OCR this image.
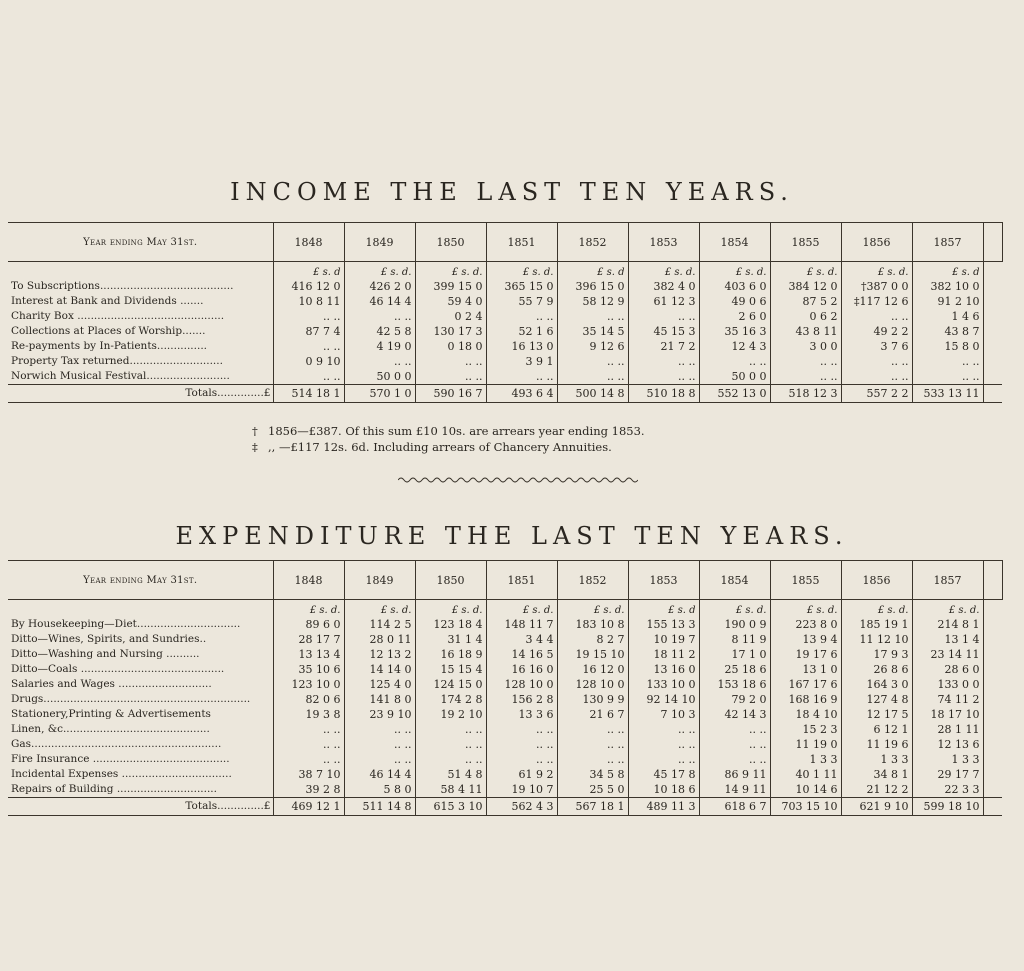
INCOME THE LAST TEN YEARS.
Year ending May 31st.	1848	1849	1850	1851	1852	1853	1854	1855	1856	1857	
	£ s. d	£ s. d.	£ s. d.	£ s. d.	£ s. d	£ s. d.	£ s. d.	£ s. d.	£ s. d.	£ s. d	
To Subscriptions........................................	416 12 0	426 2 0	399 15 0	365 15 0	396 15 0	382 4 0	403 6 0	384 12 0	†387 0 0	382 10 0	
Interest at Bank and Dividends .......	10 8 11	46 14 4	59 4 0	55 7 9	58 12 9	61 12 3	49 0 6	87 5 2	‡117 12 6	91 2 10	
Charity Box ............................................	.. ..	.. ..	0 2 4	.. ..	.. ..	.. ..	2 6 0	0 6 2	.. ..	1 4 6	
Collections at Places of Worship.......	87 7 4	42 5 8	130 17 3	52 1 6	35 14 5	45 15 3	35 16 3	43 8 11	49 2 2	43 8 7	
Re-payments by In-Patients...............	.. ..	4 19 0	0 18 0	16 13 0	9 12 6	21 7 2	12 4 3	3 0 0	3 7 6	15 8 0	
Property Tax returned............................	0 9 10	.. ..	.. ..	3 9 1	.. ..	.. ..	.. ..	.. ..	.. ..	.. ..	
Norwich Musical Festival.........................	.. ..	50 0 0	.. ..	.. ..	.. ..	.. ..	50 0 0	.. ..	.. ..	.. ..	
Totals..............£	514 18 1	570 1 0	590 16 7	493 6 4	500 14 8	510 18 8	552 13 0	518 12 3	557 2 2	533 13 11	
† 1856—£387. Of this sum £10 10s. are arrears year ending 1853.
‡ ,, —£117 12s. 6d. Including arrears of Chancery Annuities.
EXPENDITURE THE LAST TEN YEARS.
Year ending May 31st.	1848	1849	1850	1851	1852	1853	1854	1855	1856	1857	
	£ s. d.	£ s. d.	£ s. d.	£ s. d.	£ s. d.	£ s. d	£ s. d.	£ s. d.	£ s. d.	£ s. d.	
By Housekeeping—Diet...............................	89 6 0	114 2 5	123 18 4	148 11 7	183 10 8	155 13 3	190 0 9	223 8 0	185 19 1	214 8 1	
Ditto—Wines, Spirits, and Sundries..	28 17 7	28 0 11	31 1 4	3 4 4	8 2 7	10 19 7	8 11 9	13 9 4	11 12 10	13 1 4	
Ditto—Washing and Nursing ..........	13 13 4	12 13 2	16 18 9	14 16 5	19 15 10	18 11 2	17 1 0	19 17 6	17 9 3	23 14 11	
Ditto—Coals ...........................................	35 10 6	14 14 0	15 15 4	16 16 0	16 12 0	13 16 0	25 18 6	13 1 0	26 8 6	28 6 0	
Salaries and Wages ............................	123 10 0	125 4 0	124 15 0	128 10 0	128 10 0	133 10 0	153 18 6	167 17 6	164 3 0	133 0 0	
Drugs..............................................................	82 0 6	141 8 0	174 2 8	156 2 8	130 9 9	92 14 10	79 2 0	168 16 9	127 4 8	74 11 2	
Stationery,Printing & Advertisements	19 3 8	23 9 10	19 2 10	13 3 6	21 6 7	7 10 3	42 14 3	18 4 10	12 17 5	18 17 10	
Linen, &c............................................	.. ..	.. ..	.. ..	.. ..	.. ..	.. ..	.. ..	15 2 3	6 12 1	28 1 11	
Gas.........................................................	.. ..	.. ..	.. ..	.. ..	.. ..	.. ..	.. ..	11 19 0	11 19 6	12 13 6	
Fire Insurance .........................................	.. ..	.. ..	.. ..	.. ..	.. ..	.. ..	.. ..	1 3 3	1 3 3	1 3 3	
Incidental Expenses .................................	38 7 10	46 14 4	51 4 8	61 9 2	34 5 8	45 17 8	86 9 11	40 1 11	34 8 1	29 17 7	
Repairs of Building ..............................	39 2 8	5 8 0	58 4 11	19 10 7	25 5 0	10 18 6	14 9 11	10 14 6	21 12 2	22 3 3	
Totals..............£	469 12 1	511 14 8	615 3 10	562 4 3	567 18 1	489 11 3	618 6 7	703 15 10	621 9 10	599 18 10	
